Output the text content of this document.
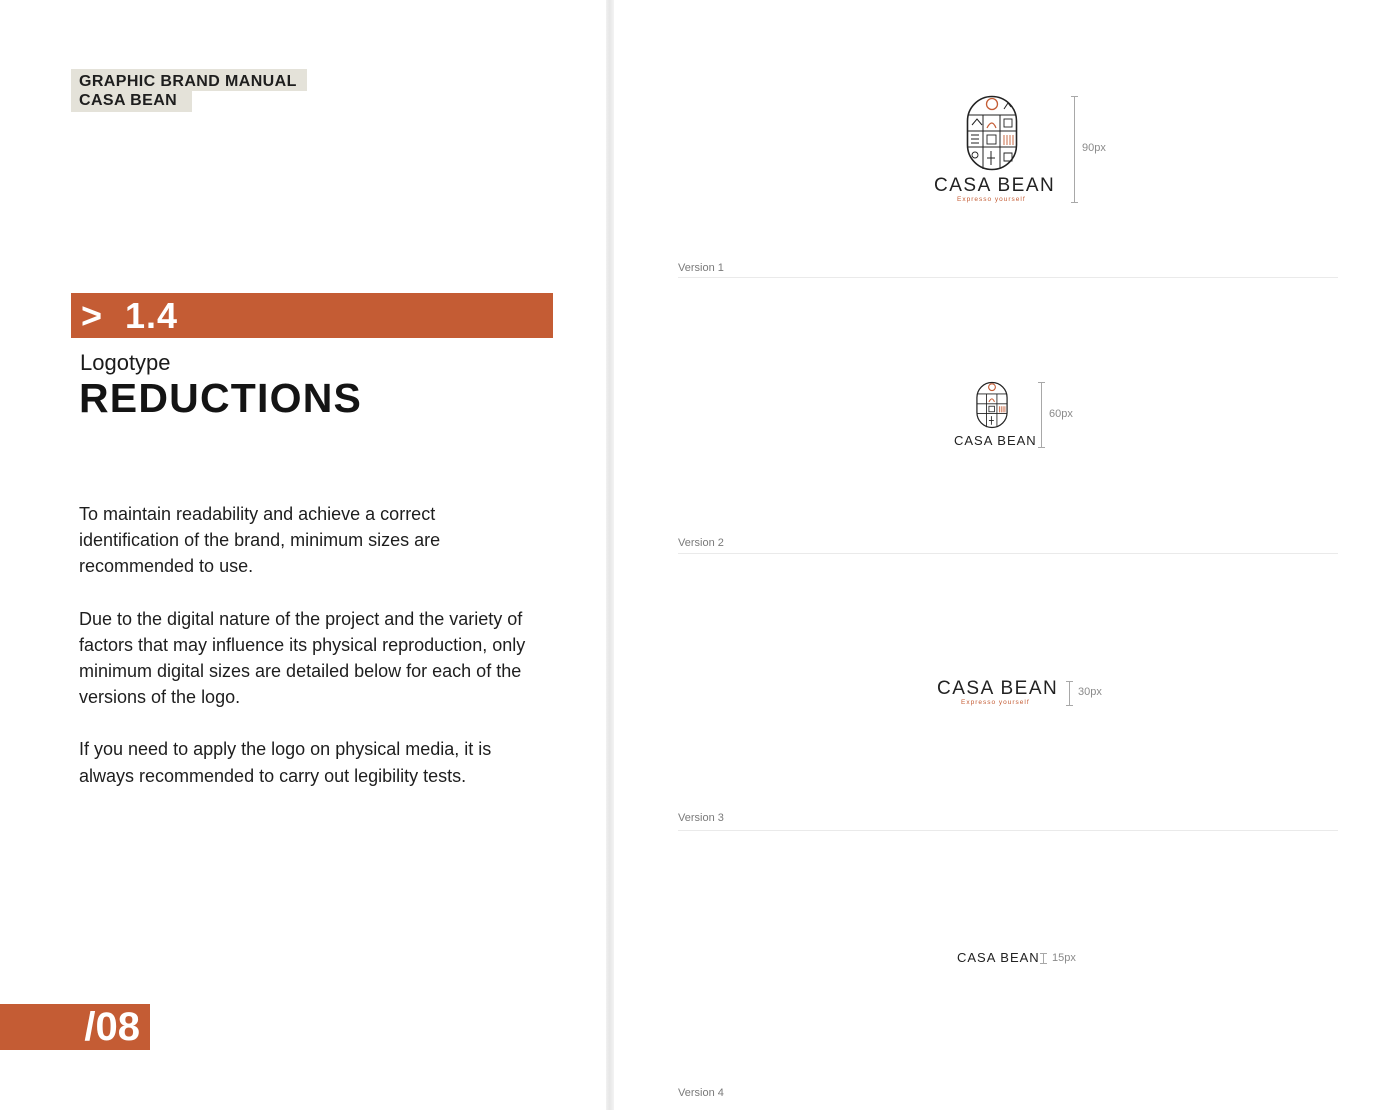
GRAPHIC BRAND MANUAL
CASA BEAN
>  1.4
Logotype
REDUCTIONS

To maintain readability and achieve a correct identification of the brand, minimum sizes are recommended to use.

Due to the digital nature of the project and the variety of factors that may influence its physical reproduction, only minimum digital sizes are detailed below for each of the versions of the logo.

If you need to apply the logo on physical media, it is always recommended to carry out legibility tests.

/08
CASA BEAN
Expresso yourself
90px
Version 1
CASA BEAN
60px
Version 2
CASA BEAN
Expresso yourself
30px
Version 3
CASA BEAN 15px
Version 4
